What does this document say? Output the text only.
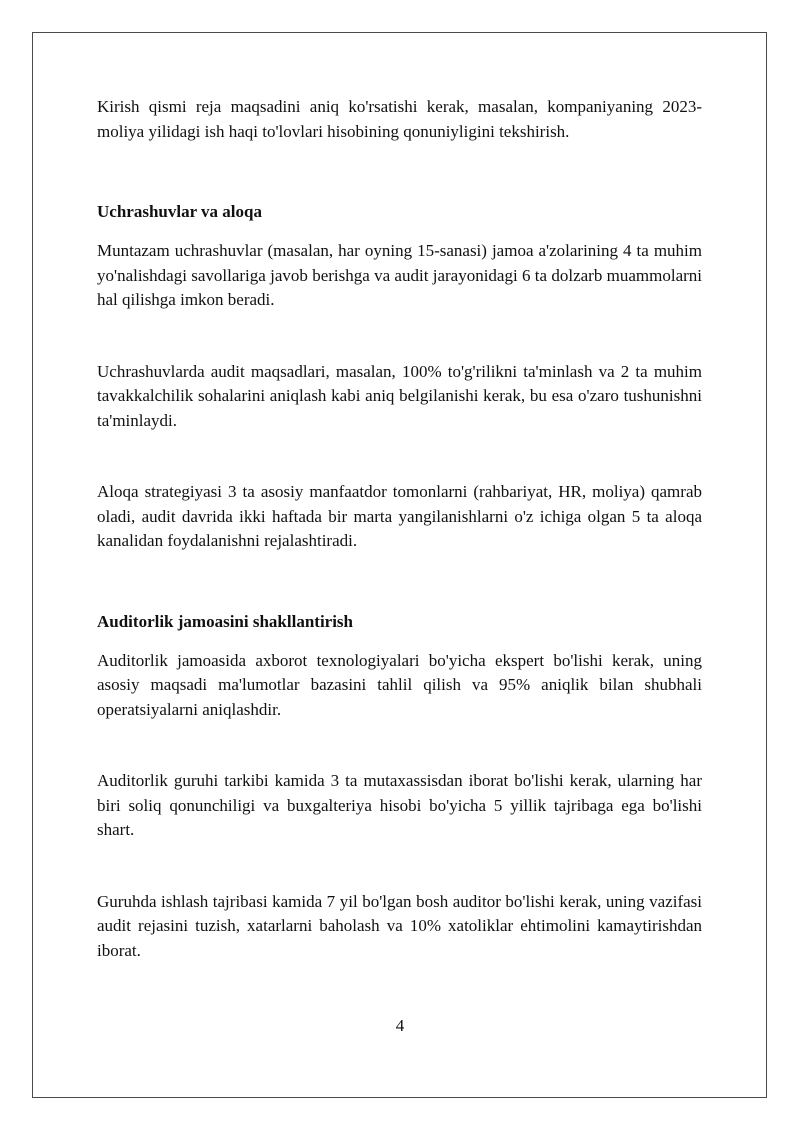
Kirish qismi reja maqsadini aniq ko'rsatishi kerak, masalan, kompaniyaning 2023-moliya yilidagi ish haqi to'lovlari hisobining qonuniyligini tekshirish.

Uchrashuvlar va aloqa

Muntazam uchrashuvlar (masalan, har oyning 15-sanasi) jamoa a'zolarining 4 ta muhim yo'nalishdagi savollariga javob berishga va audit jarayonidagi 6 ta dolzarb muammolarni hal qilishga imkon beradi.

Uchrashuvlarda audit maqsadlari, masalan, 100% to'g'rilikni ta'minlash va 2 ta muhim tavakkalchilik sohalarini aniqlash kabi aniq belgilanishi kerak, bu esa o'zaro tushunishni ta'minlaydi.

Aloqa strategiyasi 3 ta asosiy manfaatdor tomonlarni (rahbariyat, HR, moliya) qamrab oladi, audit davrida ikki haftada bir marta yangilanishlarni o'z ichiga olgan 5 ta aloqa kanalidan foydalanishni rejalashtiradi.

Auditorlik jamoasini shakllantirish

Auditorlik jamoasida axborot texnologiyalari bo'yicha ekspert bo'lishi kerak, uning asosiy maqsadi ma'lumotlar bazasini tahlil qilish va 95% aniqlik bilan shubhali operatsiyalarni aniqlashdir.

Auditorlik guruhi tarkibi kamida 3 ta mutaxassisdan iborat bo'lishi kerak, ularning har biri soliq qonunchiligi va buxgalteriya hisobi bo'yicha 5 yillik tajribaga ega bo'lishi shart.

Guruhda ishlash tajribasi kamida 7 yil bo'lgan bosh auditor bo'lishi kerak, uning vazifasi audit rejasini tuzish, xatarlarni baholash va 10% xatoliklar ehtimolini kamaytirishdan iborat.

4
